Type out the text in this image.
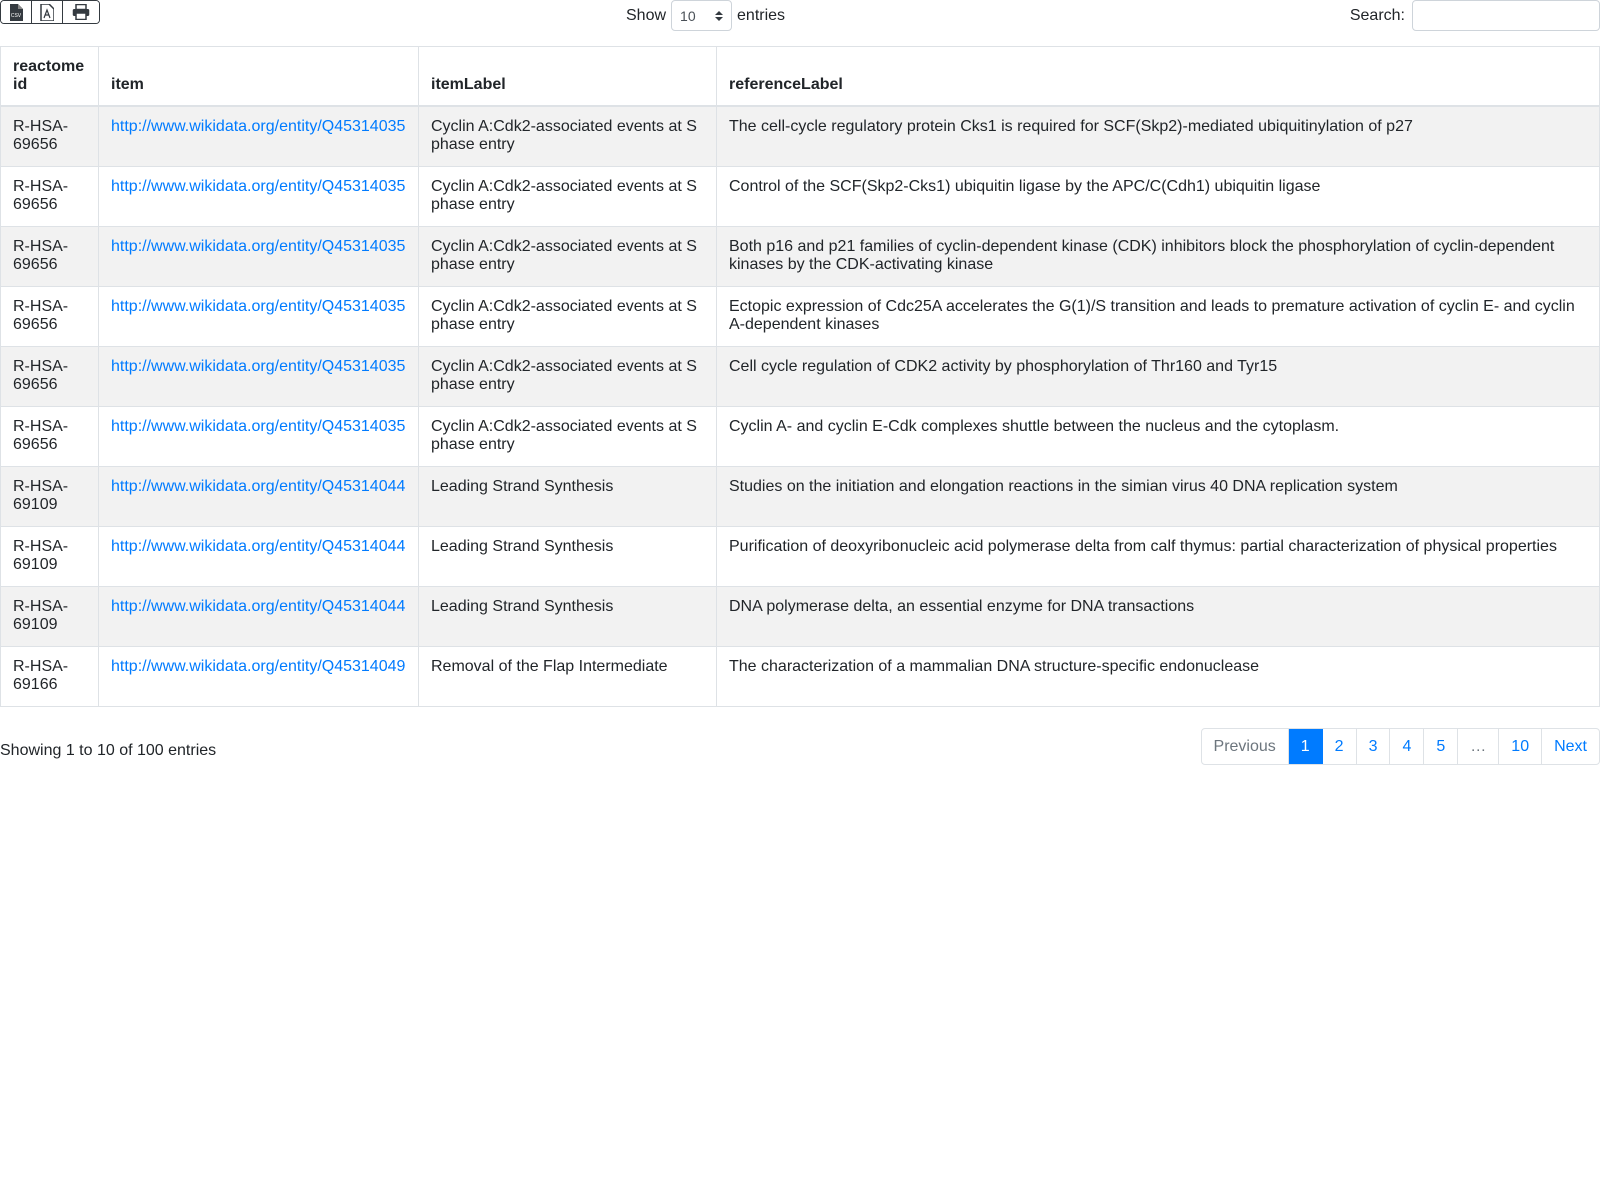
CSV	Show 10	entries	Search:
reactome id	item	itemLabel	referenceLabel
R-HSA-69656	http://www.wikidata.org/entity/Q45314035	Cyclin A:Cdk2-associated events at S phase entry	The cell-cycle regulatory protein Cks1 is required for SCF(Skp2)-mediated ubiquitinylation of p27
R-HSA-69656	http://www.wikidata.org/entity/Q45314035	Cyclin A:Cdk2-associated events at S phase entry	Control of the SCF(Skp2-Cks1) ubiquitin ligase by the APC/C(Cdh1) ubiquitin ligase
R-HSA-69656	http://www.wikidata.org/entity/Q45314035	Cyclin A:Cdk2-associated events at S phase entry	Both p16 and p21 families of cyclin-dependent kinase (CDK) inhibitors block the phosphorylation of cyclin-dependent kinases by the CDK-activating kinase
R-HSA-69656	http://www.wikidata.org/entity/Q45314035	Cyclin A:Cdk2-associated events at S phase entry	Ectopic expression of Cdc25A accelerates the G(1)/S transition and leads to premature activation of cyclin E- and cyclin A-dependent kinases
R-HSA-69656	http://www.wikidata.org/entity/Q45314035	Cyclin A:Cdk2-associated events at S phase entry	Cell cycle regulation of CDK2 activity by phosphorylation of Thr160 and Tyr15
R-HSA-69656	http://www.wikidata.org/entity/Q45314035	Cyclin A:Cdk2-associated events at S phase entry	Cyclin A- and cyclin E-Cdk complexes shuttle between the nucleus and the cytoplasm.
R-HSA-69109	http://www.wikidata.org/entity/Q45314044	Leading Strand Synthesis	Studies on the initiation and elongation reactions in the simian virus 40 DNA replication system
R-HSA-69109	http://www.wikidata.org/entity/Q45314044	Leading Strand Synthesis	Purification of deoxyribonucleic acid polymerase delta from calf thymus: partial characterization of physical properties
R-HSA-69109	http://www.wikidata.org/entity/Q45314044	Leading Strand Synthesis	DNA polymerase delta, an essential enzyme for DNA transactions
R-HSA-69166	http://www.wikidata.org/entity/Q45314049	Removal of the Flap Intermediate	The characterization of a mammalian DNA structure-specific endonuclease
Showing 1 to 10 of 100 entries	Previous	1	2	3	4	5	…	10	Next
